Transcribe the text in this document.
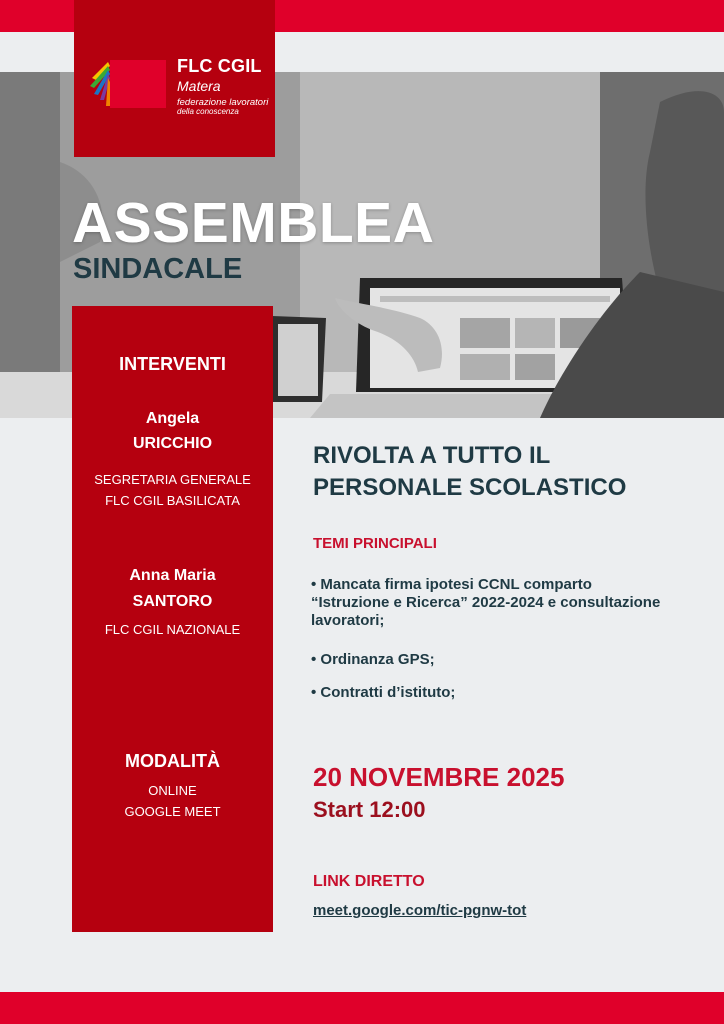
FLC CGIL
Matera
federazione lavoratori
della conoscenza
ASSEMBLEA
SINDACALE
INTERVENTI
Angela
URICCHIO
SEGRETARIA GENERALE
FLC CGIL BASILICATA
Anna Maria
SANTORO
FLC CGIL NAZIONALE
MODALITÀ
ONLINE
GOOGLE MEET
RIVOLTA A TUTTO IL
PERSONALE SCOLASTICO
TEMI PRINCIPALI
• Mancata firma ipotesi CCNL comparto “Istruzione e Ricerca” 2022-2024 e consultazione lavoratori;
• Ordinanza GPS;
• Contratti d’istituto;
20 NOVEMBRE 2025
Start 12:00
LINK DIRETTO
meet.google.com/tic-pgnw-tot
